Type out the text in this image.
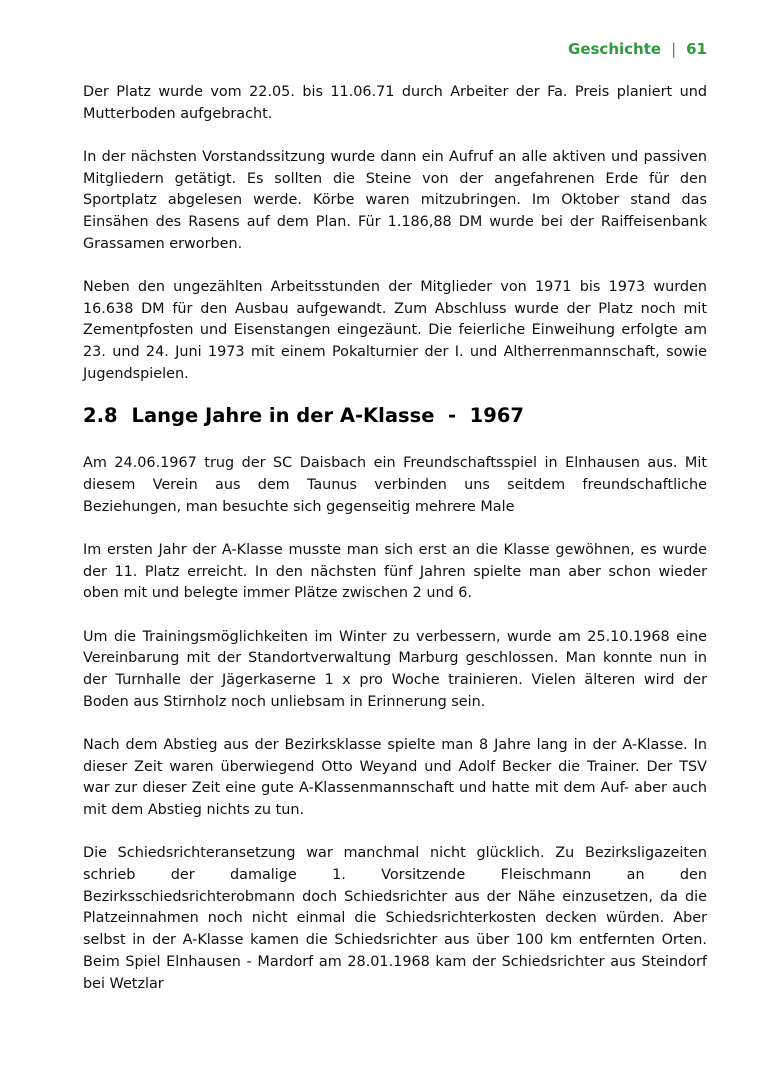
Geschichte | 61

Der Platz wurde vom 22.05. bis 11.06.71 durch Arbeiter der Fa. Preis planiert und Mutterboden aufgebracht.

In der nächsten Vorstandssitzung wurde dann ein Aufruf an alle aktiven und passiven Mitgliedern getätigt. Es sollten die Steine von der angefahrenen Erde für den Sportplatz abgelesen werde. Körbe waren mitzubringen. Im Oktober stand das Einsähen des Rasens auf dem Plan. Für 1.186,88 DM wurde bei der Raiffeisenbank Grassamen erworben.

Neben den ungezählten Arbeitsstunden der Mitglieder von 1971 bis 1973 wurden 16.638 DM für den Ausbau aufgewandt. Zum Abschluss wurde der Platz noch mit Zementpfosten und Eisenstangen eingezäunt. Die feierliche Einweihung erfolgte am 23. und 24. Juni 1973 mit einem Pokalturnier der I. und Altherrenmannschaft, sowie Jugendspielen.

2.8 Lange Jahre in der A-Klasse  -  1967

Am 24.06.1967 trug der SC Daisbach ein Freundschaftsspiel in Elnhausen aus. Mit diesem Verein aus dem Taunus verbinden uns seitdem freundschaftliche Beziehungen, man besuchte sich gegenseitig mehrere Male

Im ersten Jahr der A-Klasse musste man sich erst an die Klasse gewöhnen, es wurde der 11. Platz erreicht. In den nächsten fünf Jahren spielte man aber schon wieder oben mit und belegte immer Plätze zwischen 2 und 6.

Um die Trainingsmöglichkeiten im Winter zu verbessern, wurde am 25.10.1968 eine Vereinbarung mit der Standortverwaltung Marburg geschlossen. Man konnte nun in der Turnhalle der Jägerkaserne 1 x pro Woche trainieren. Vielen älteren wird der Boden aus Stirnholz noch unliebsam in Erinnerung sein.

Nach dem Abstieg aus der Bezirksklasse spielte man 8 Jahre lang in der A-Klasse. In dieser Zeit waren überwiegend Otto Weyand und Adolf Becker die Trainer. Der TSV war zur dieser Zeit eine gute A-Klassenmannschaft und hatte mit dem Auf- aber auch mit dem Abstieg nichts zu tun.

Die Schiedsrichteransetzung war manchmal nicht glücklich. Zu Bezirksligazeiten schrieb der damalige 1. Vorsitzende Fleischmann an den Bezirksschiedsrichterobmann doch Schiedsrichter aus der Nähe einzusetzen, da die Platzeinnahmen noch nicht einmal die Schiedsrichterkosten decken würden. Aber selbst in der A-Klasse kamen die Schiedsrichter aus über 100 km entfernten Orten. Beim Spiel Elnhausen - Mardorf am 28.01.1968 kam der Schiedsrichter aus Steindorf bei Wetzlar
